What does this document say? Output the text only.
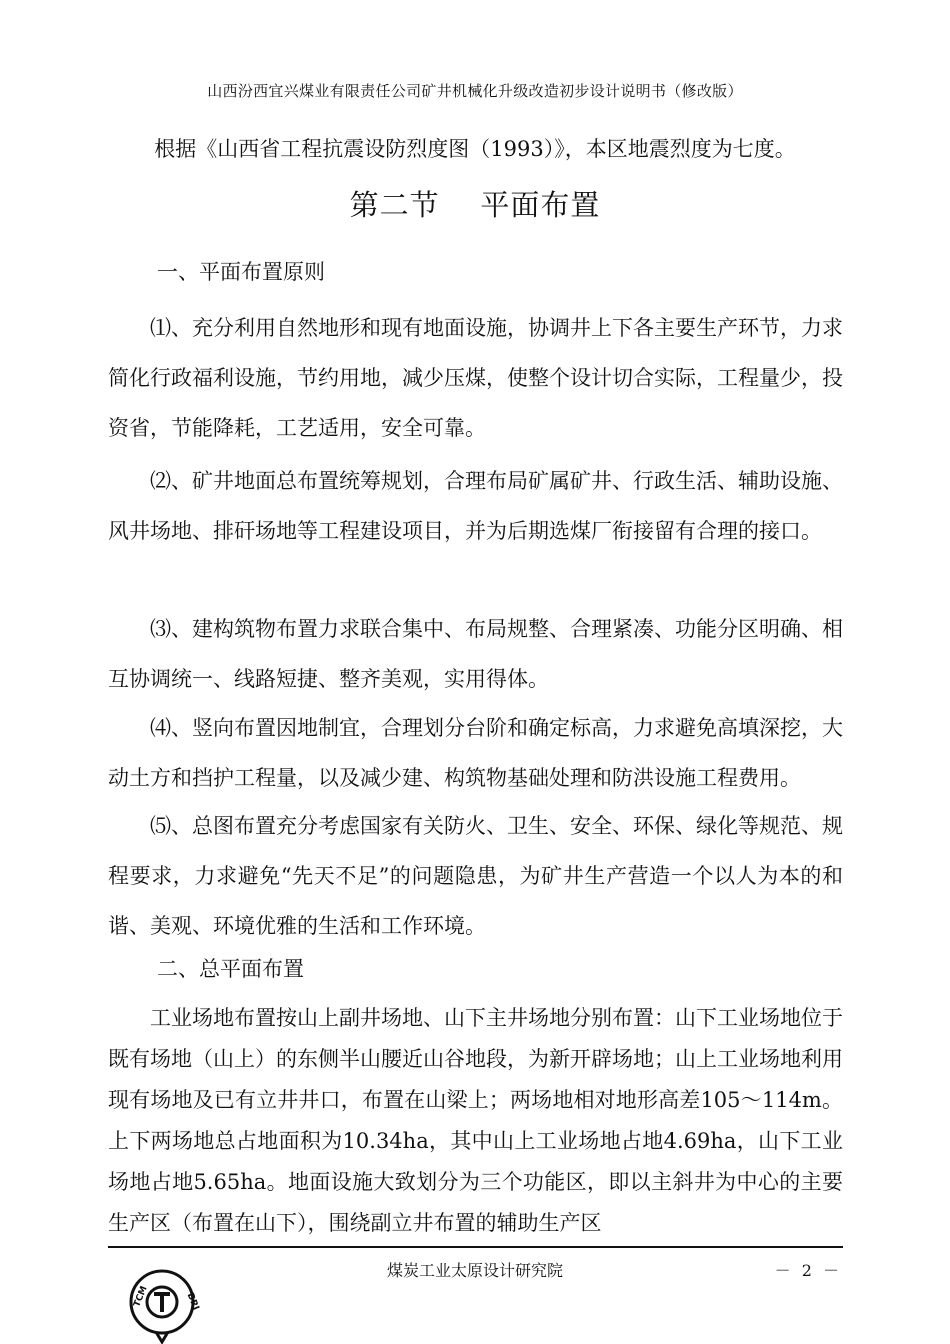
山西汾西宜兴煤业有限责任公司矿井机械化升级改造初步设计说明书（修改版）
根据《山西省工程抗震设防烈度图（1993）》，本区地震烈度为七度。
第二节    平面布置
一、平面布置原则
⑴、充分利用自然地形和现有地面设施，协调井上下各主要生产环节，力求简化行政福利设施，节约用地，减少压煤，使整个设计切合实际，工程量少，投资省，节能降耗，工艺适用，安全可靠。
⑵、矿井地面总布置统筹规划，合理布局矿属矿井、行政生活、辅助设施、风井场地、排矸场地等工程建设项目，并为后期选煤厂衔接留有合理的接口。
⑶、建构筑物布置力求联合集中、布局规整、合理紧凑、功能分区明确、相互协调统一、线路短捷、整齐美观，实用得体。
⑷、竖向布置因地制宜，合理划分台阶和确定标高，力求避免高填深挖，大动土方和挡护工程量，以及减少建、构筑物基础处理和防洪设施工程费用。
⑸、总图布置充分考虑国家有关防火、卫生、安全、环保、绿化等规范、规程要求，力求避免“先天不足”的问题隐患，为矿井生产营造一个以人为本的和谐、美观、环境优雅的生活和工作环境。
二、总平面布置
工业场地布置按山上副井场地、山下主井场地分别布置：山下工业场地位于既有场地（山上）的东侧半山腰近山谷地段，为新开辟场地；山上工业场地利用现有场地及已有立井井口，布置在山梁上；两场地相对地形高差105～114m。上下两场地总占地面积为10.34ha，其中山上工业场地占地4.69ha，山下工业场地占地5.65ha。地面设施大致划分为三个功能区，即以主斜井为中心的主要生产区（布置在山下），围绕副立井布置的辅助生产区
煤炭工业太原设计研究院	－ 2 －
TCM	DRI
